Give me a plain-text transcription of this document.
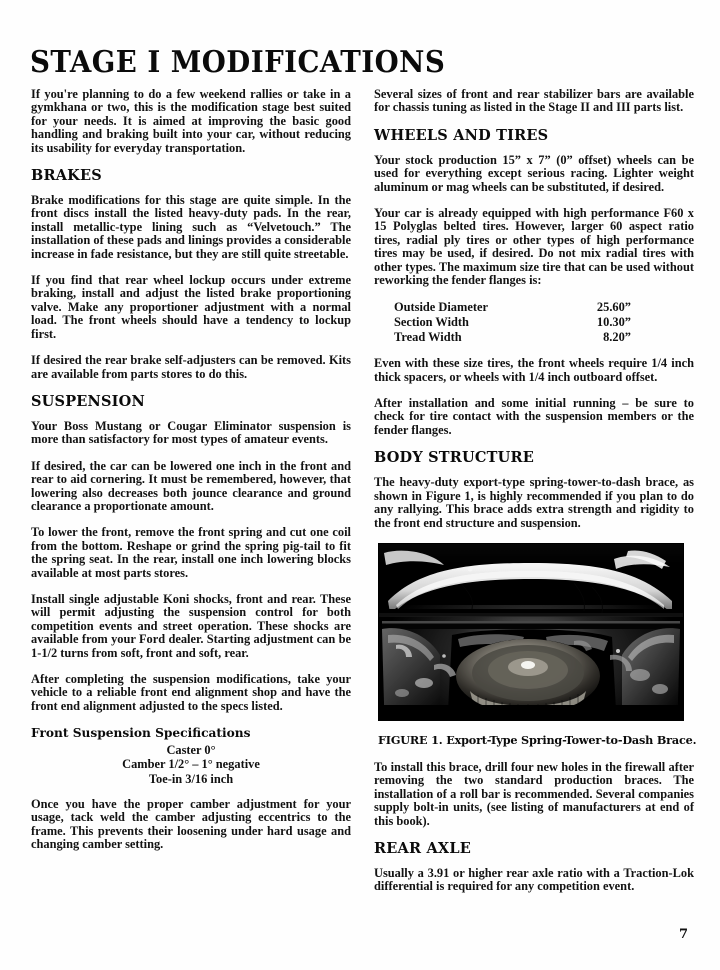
STAGE I MODIFICATIONS

If you're planning to do a few weekend rallies or take in a gymkhana or two, this is the modification stage best suited for your needs. It is aimed at improving the basic good handling and braking built into your car, without reducing its usability for everyday transportation.

BRAKES

Brake modifications for this stage are quite simple. In the front discs install the listed heavy-duty pads. In the rear, install metallic-type lining such as “Velvetouch.” The installation of these pads and linings provides a considerable increase in fade resistance, but they are still quite streetable.

If you find that rear wheel lockup occurs under extreme braking, install and adjust the listed brake proportioning valve. Make any proportioner adjustment with a normal load. The front wheels should have a tendency to lockup first.

If desired the rear brake self-adjusters can be removed. Kits are available from parts stores to do this.

SUSPENSION

Your Boss Mustang or Cougar Eliminator suspension is more than satisfactory for most types of amateur events.

If desired, the car can be lowered one inch in the front and rear to aid cornering. It must be remembered, however, that lowering also decreases both jounce clearance and ground clearance a proportionate amount.

To lower the front, remove the front spring and cut one coil from the bottom. Reshape or grind the spring pig-tail to fit the spring seat. In the rear, install one inch lowering blocks available at most parts stores.

Install single adjustable Koni shocks, front and rear. These will permit adjusting the suspension control for both competition events and street operation. These shocks are available from your Ford dealer. Starting adjustment can be 1-1/2 turns from soft, front and soft, rear.

After completing the suspension modifications, take your vehicle to a reliable front end alignment shop and have the front end alignment adjusted to the specs listed.

Front Suspension Specifications
Caster 0°
Camber 1/2° – 1° negative
Toe-in 3/16 inch

Once you have the proper camber adjustment for your usage, tack weld the camber adjusting eccentrics to the frame. This prevents their loosening under hard usage and changing camber setting.

Several sizes of front and rear stabilizer bars are available for chassis tuning as listed in the Stage II and III parts list.

WHEELS AND TIRES

Your stock production 15” x 7” (0” offset) wheels can be used for everything except serious racing. Lighter weight aluminum or mag wheels can be substituted, if desired.

Your car is already equipped with high performance F60 x 15 Polyglas belted tires. However, larger 60 aspect ratio tires, radial ply tires or other types of high performance tires may be used, if desired. Do not mix radial tires with other types. The maximum size tire that can be used without reworking the fender flanges is:

Outside Diameter	25.60”
Section Width	10.30”
Tread Width	8.20”

Even with these size tires, the front wheels require 1/4 inch thick spacers, or wheels with 1/4 inch outboard offset.

After installation and some initial running – be sure to check for tire contact with the suspension members or the fender flanges.

BODY STRUCTURE

The heavy-duty export-type spring-tower-to-dash brace, as shown in Figure 1, is highly recommended if you plan to do any rallying. This brace adds extra strength and rigidity to the front end structure and suspension.

FIGURE 1. Export-Type Spring-Tower-to-Dash Brace.

To install this brace, drill four new holes in the firewall after removing the two standard production braces. The installation of a roll bar is recommended. Several companies supply bolt-in units, (see listing of manufacturers at end of this book).

REAR AXLE

Usually a 3.91 or higher rear axle ratio with a Traction-Lok differential is required for any competition event.

7
